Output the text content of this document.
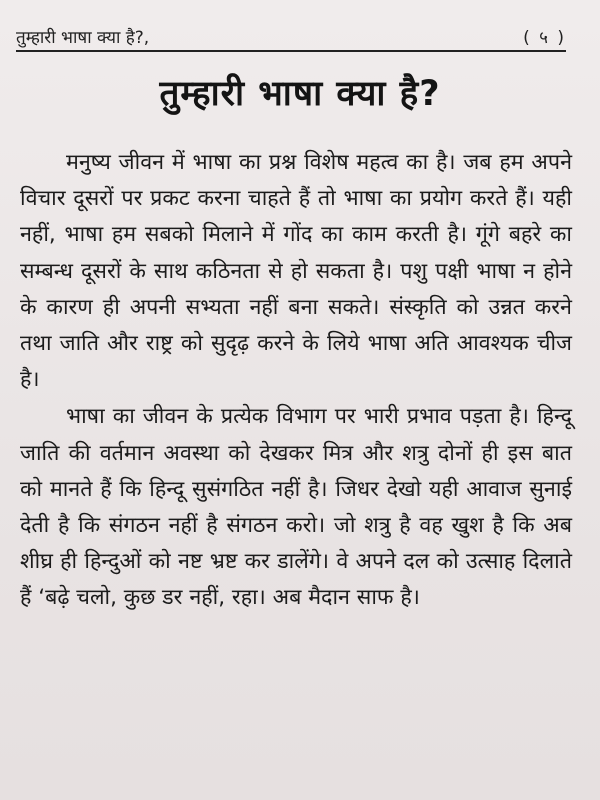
तुम्हारी भाषा क्या है?,	( ५ )
तुम्हारी भाषा क्या है?

मनुष्य जीवन में भाषा का प्रश्न विशेष महत्व का है। जब हम अपने विचार दूसरों पर प्रकट करना चाहते हैं तो भाषा का प्रयोग करते हैं। यही नहीं, भाषा हम सबको मिलाने में गोंद का काम करती है। गूंगे बहरे का सम्बन्ध दूसरों के साथ कठिनता से हो सकता है। पशु पक्षी भाषा न होने के कारण ही अपनी सभ्यता नहीं बना सकते। संस्कृति को उन्नत करने तथा जाति और राष्ट्र को सुदृढ़ करने के लिये भाषा अति आवश्यक चीज है।

भाषा का जीवन के प्रत्येक विभाग पर भारी प्रभाव पड़ता है। हिन्दू जाति की वर्तमान अवस्था को देखकर मित्र और शत्रु दोनों ही इस बात को मानते हैं कि हिन्दू सुसंगठित नहीं है। जिधर देखो यही आवाज सुनाई देती है कि संगठन नहीं है संगठन करो। जो शत्रु है वह खुश है कि अब शीघ्र ही हिन्दुओं को नष्ट भ्रष्ट कर डालेंगे। वे अपने दल को उत्साह दिलाते हैं ‘बढ़े चलो, कुछ डर नहीं, रहा। अब मैदान साफ है।
